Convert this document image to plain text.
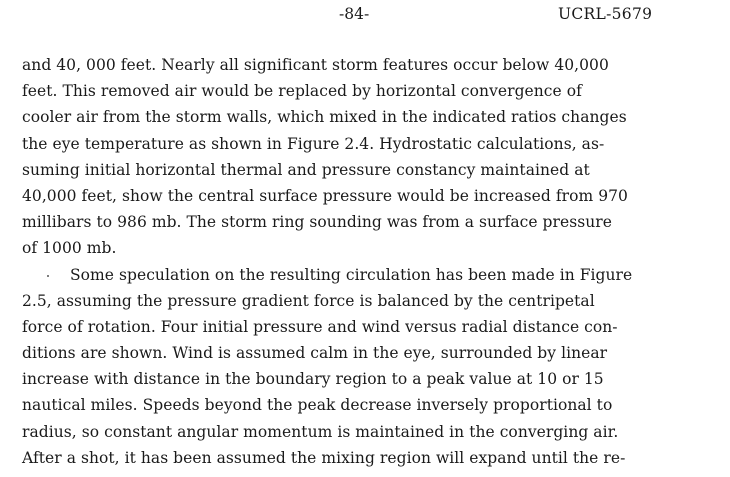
-84-	UCRL-5679
and 40, 000 feet. Nearly all significant storm features occur below 40,000
feet. This removed air would be replaced by horizontal convergence of
cooler air from the storm walls, which mixed in the indicated ratios changes
the eye temperature as shown in Figure 2.4. Hydrostatic calculations, as-
suming initial horizontal thermal and pressure constancy maintained at
40,000 feet, show the central surface pressure would be increased from 970
millibars to 986 mb. The storm ring sounding was from a surface pressure
of 1000 mb.
Some speculation on the resulting circulation has been made in Figure
2.5, assuming the pressure gradient force is balanced by the centripetal
force of rotation. Four initial pressure and wind versus radial distance con-
ditions are shown. Wind is assumed calm in the eye, surrounded by linear
increase with distance in the boundary region to a peak value at 10 or 15
nautical miles. Speeds beyond the peak decrease inversely proportional to
radius, so constant angular momentum is maintained in the converging air.
After a shot, it has been assumed the mixing region will expand until the re-
